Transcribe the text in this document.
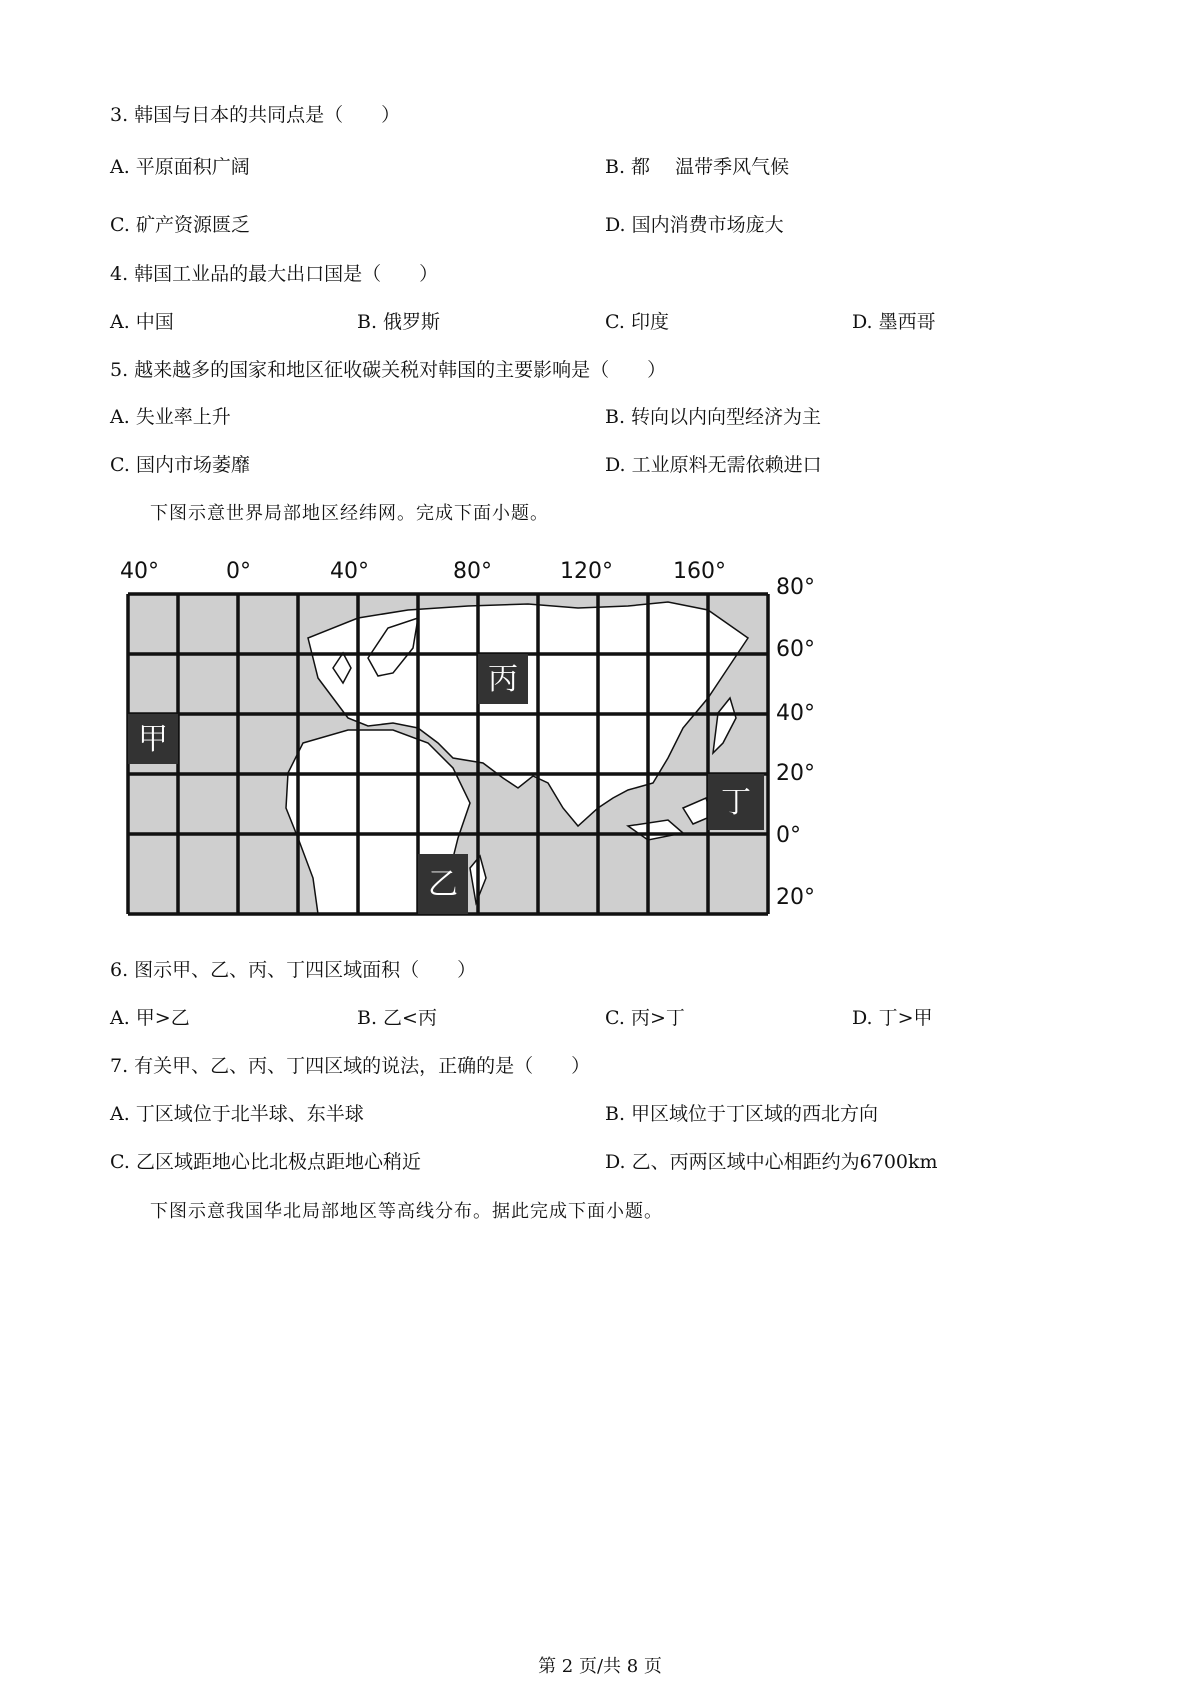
3. 韩国与日本的共同点是（　　）
A. 平原面积广阔	B. 都　 温带季风气候
C. 矿产资源匮乏	D. 国内消费市场庞大
4. 韩国工业品的最大出口国是（　　）
A. 中国	B. 俄罗斯	C. 印度	D. 墨西哥
5. 越来越多的国家和地区征收碳关税对韩国的主要影响是（　　）
A. 失业率上升	B. 转向以内向型经济为主
C. 国内市场萎靡	D. 工业原料无需依赖进口
下图示意世界局部地区经纬网。完成下面小题。
甲
丙
乙
丁
40°	0°	40°	80°	120°	160°
80°
60°
40°
20°
0°
20°
6. 图示甲、乙、丙、丁四区域面积（　　）
A. 甲>乙	B. 乙<丙	C. 丙>丁	D. 丁>甲
7. 有关甲、乙、丙、丁四区域的说法，正确的是（　　）
A. 丁区域位于北半球、东半球	B. 甲区域位于丁区域的西北方向
C. 乙区域距地心比北极点距地心稍近	D. 乙、丙两区域中心相距约为6700km
下图示意我国华北局部地区等高线分布。据此完成下面小题。
第 2 页/共 8 页
